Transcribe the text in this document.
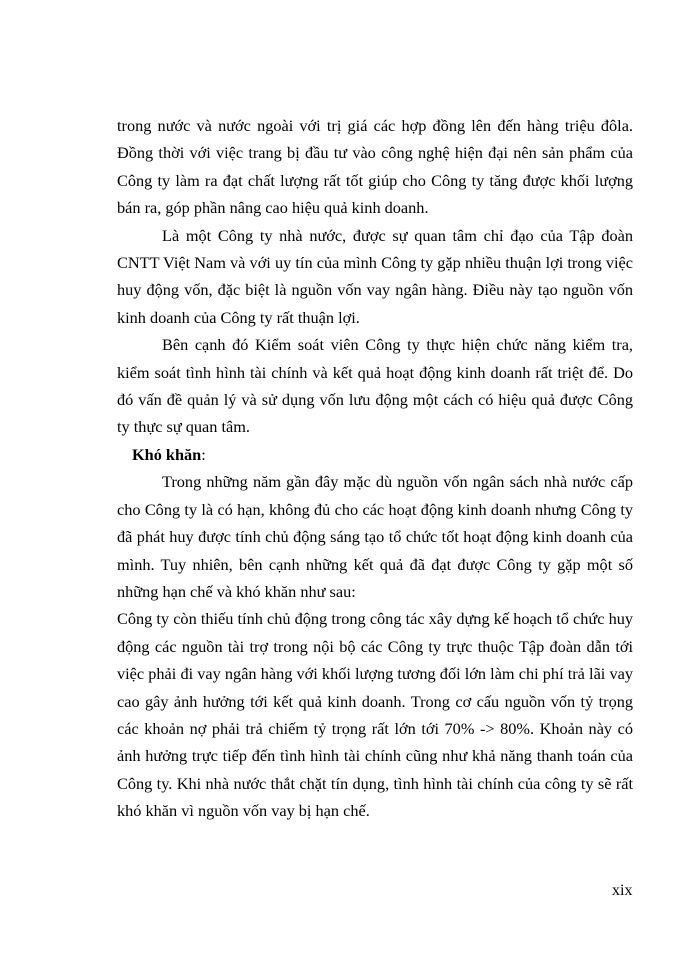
trong nước và nước ngoài với trị giá các hợp đồng lên đến hàng triệu đôla. Đồng thời với việc trang bị đầu tư vào công nghệ hiện đại nên sản phẩm của Công ty làm ra đạt chất lượng rất tốt giúp cho Công ty tăng được khối lượng bán ra, góp phần nâng cao hiệu quả kinh doanh.

Là một Công ty nhà nước, được sự quan tâm chỉ đạo của Tập đoàn CNTT Việt Nam và với uy tín của mình Công ty gặp nhiều thuận lợi trong việc huy động vốn, đặc biệt là nguồn vốn vay ngân hàng. Điều này tạo nguồn vốn kinh doanh của Công ty rất thuận lợi.

Bên cạnh đó Kiểm soát viên Công ty thực hiện chức năng kiểm tra, kiểm soát tình hình tài chính và kết quả hoạt động kinh doanh rất triệt để. Do đó vấn đề quản lý và sử dụng vốn lưu động một cách có hiệu quả được Công ty thực sự quan tâm.

Khó khăn:

Trong những năm gần đây mặc dù nguồn vốn ngân sách nhà nước cấp cho Công ty là có hạn, không đủ cho các hoạt động kinh doanh nhưng Công ty đã phát huy được tính chủ động sáng tạo tổ chức tốt hoạt động kinh doanh của mình. Tuy nhiên, bên cạnh những kết quả đã đạt được Công ty gặp một số những hạn chế và khó khăn như sau:

Công ty còn thiếu tính chủ động trong công tác xây dựng kế hoạch tổ chức huy động các nguồn tài trợ trong nội bộ các Công ty trực thuộc Tập đoàn dẫn tới việc phải đi vay ngân hàng với khối lượng tương đối lớn làm chi phí trả lãi vay cao gây ảnh hưởng tới kết quả kinh doanh. Trong cơ cấu nguồn vốn tỷ trọng các khoản nợ phải trả chiếm tỷ trọng rất lớn tới 70% -> 80%. Khoản này có ảnh hưởng trực tiếp đến tình hình tài chính cũng như khả năng thanh toán của Công ty. Khi nhà nước thắt chặt tín dụng, tình hình tài chính của công ty sẽ rất khó khăn vì nguồn vốn vay bị hạn chế.

xix
